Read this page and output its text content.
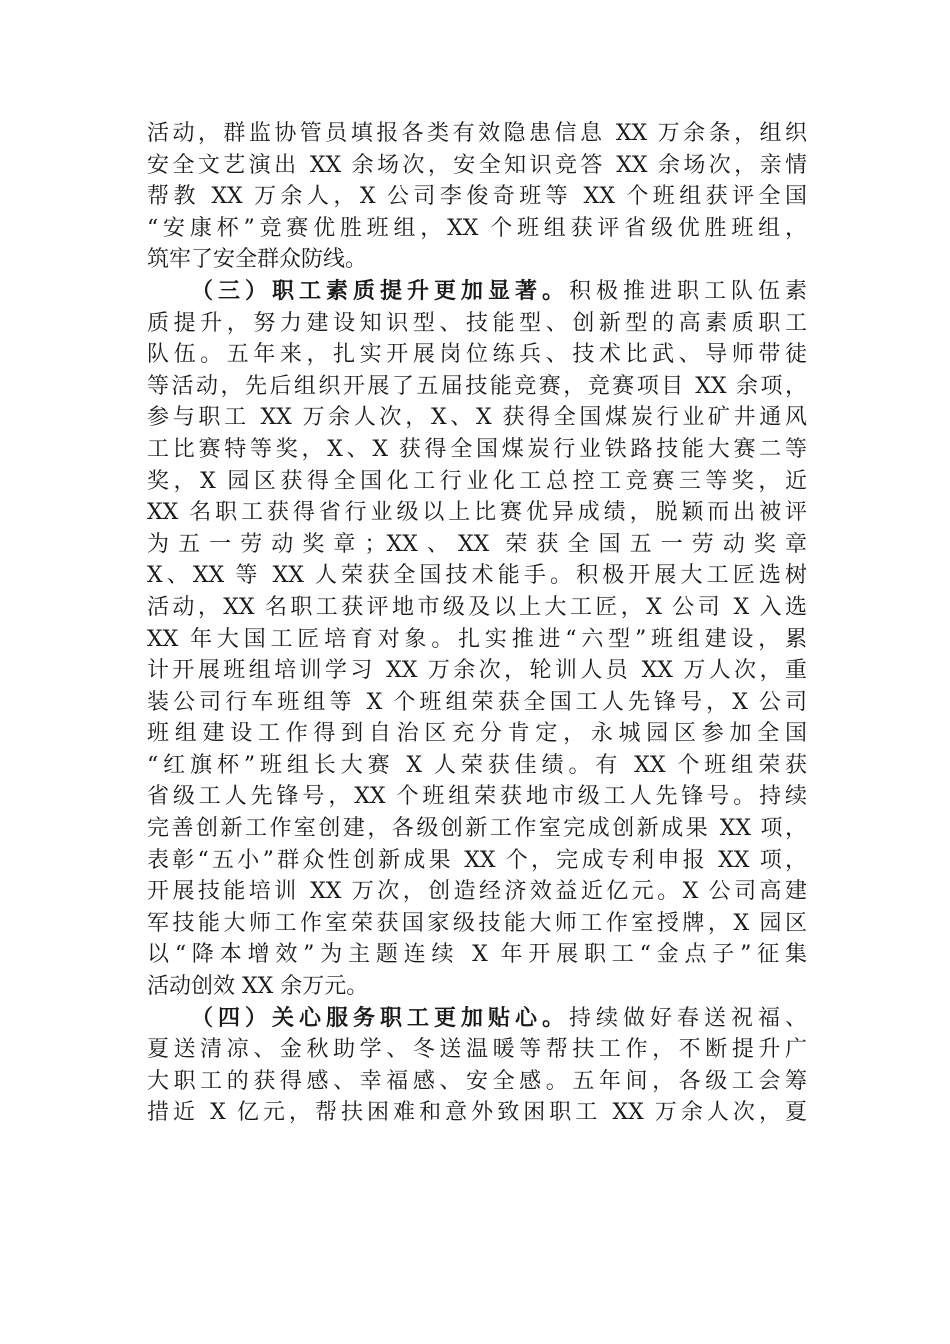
活动，群监协管员填报各类有效隐患信息 XX 万余条，组织
安全文艺演出 XX 余场次，安全知识竞答 XX 余场次，亲情
帮教 XX 万余人，X 公司李俊奇班等 XX 个班组获评全国
“安康杯”竞赛优胜班组，XX 个班组获评省级优胜班组，
筑牢了安全群众防线。
（三）职工素质提升更加显著。积极推进职工队伍素
质提升，努力建设知识型、技能型、创新型的高素质职工
队伍。五年来，扎实开展岗位练兵、技术比武、导师带徒
等活动，先后组织开展了五届技能竞赛，竞赛项目 XX 余项，
参与职工 XX 万余人次，X、X 获得全国煤炭行业矿井通风
工比赛特等奖，X、X 获得全国煤炭行业铁路技能大赛二等
奖，X 园区获得全国化工行业化工总控工竞赛三等奖，近
XX 名职工获得省行业级以上比赛优异成绩，脱颖而出被评
为五一劳动奖章；XX、XX 荣获全国五一劳动奖章
X、XX 等 XX 人荣获全国技术能手。积极开展大工匠选树
活动，XX 名职工获评地市级及以上大工匠，X 公司 X 入选
XX 年大国工匠培育对象。扎实推进“六型”班组建设，累
计开展班组培训学习 XX 万余次，轮训人员 XX 万人次，重
装公司行车班组等 X 个班组荣获全国工人先锋号，X 公司
班组建设工作得到自治区充分肯定，永城园区参加全国
“红旗杯”班组长大赛 X 人荣获佳绩。有 XX 个班组荣获
省级工人先锋号，XX 个班组荣获地市级工人先锋号。持续
完善创新工作室创建，各级创新工作室完成创新成果 XX 项，
表彰“五小”群众性创新成果 XX 个，完成专利申报 XX 项，
开展技能培训 XX 万次，创造经济效益近亿元。X 公司高建
军技能大师工作室荣获国家级技能大师工作室授牌，X 园区
以“降本增效”为主题连续 X 年开展职工“金点子”征集
活动创效 XX 余万元。
（四）关心服务职工更加贴心。持续做好春送祝福、
夏送清凉、金秋助学、冬送温暖等帮扶工作，不断提升广
大职工的获得感、幸福感、安全感。五年间，各级工会筹
措近 X 亿元，帮扶困难和意外致困职工 XX 万余人次，夏
